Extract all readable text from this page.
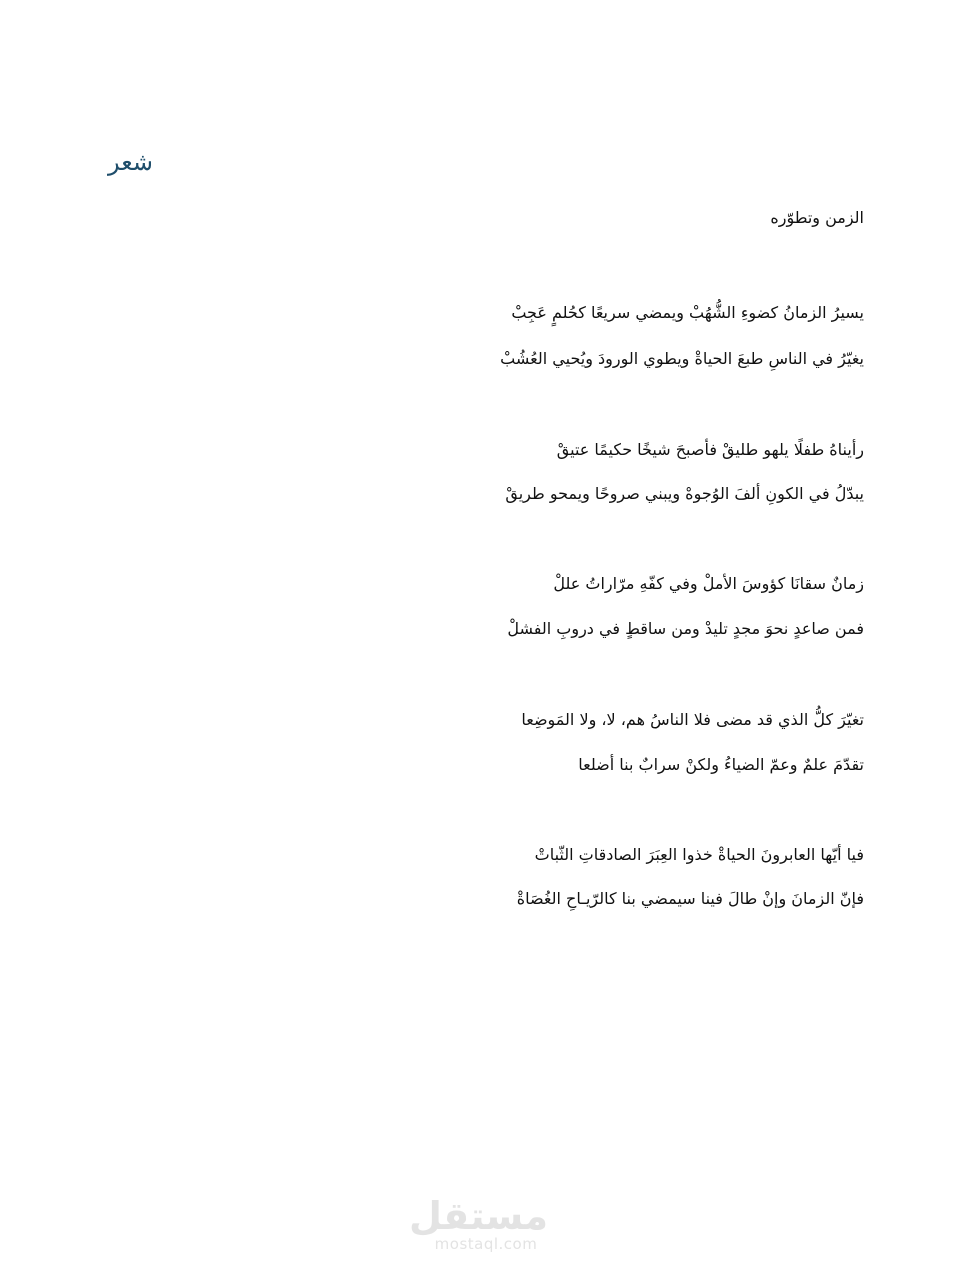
شعر
الزمن وتطوّره
يسيرُ الزمانُ كضوءِ الشُّهُبْ ويمضي سريعًا كحُلمٍ عَجِبْ
يغيّرُ في الناسِ طبعَ الحياةْ ويطوي الورودَ ويُحيي العُشُبْ
رأيناهُ طفلًا يلهو طليقْ فأصبحَ شيخًا حكيمًا عتيقْ
يبدّلُ في الكونِ ألفَ الوُجوهْ ويبني صروحًا ويمحو طريقْ
زمانٌ سقانَا كؤوسَ الأملْ وفي كفّهِ مرّاراتُ عللْ
فمن صاعدٍ نحوَ مجدٍ تليدْ ومن ساقطٍ في دروبِ الفشلْ
تغيّرَ كلُّ الذي قد مضى فلا الناسُ هم، لا، ولا المَوضِعا
تقدّمَ علمٌ وعمّ الضياءُ ولكنْ سرابٌ بنا أضلعا
فيا أيّها العابرونَ الحياةْ خذوا العِبَرَ الصادقاتِ الثّباتْ
فإنّ الزمانَ وإنْ طالَ فينا سيمضي بنا كالرّيـاحِ الغُصَاةْ
مستقل
mostaql.com
